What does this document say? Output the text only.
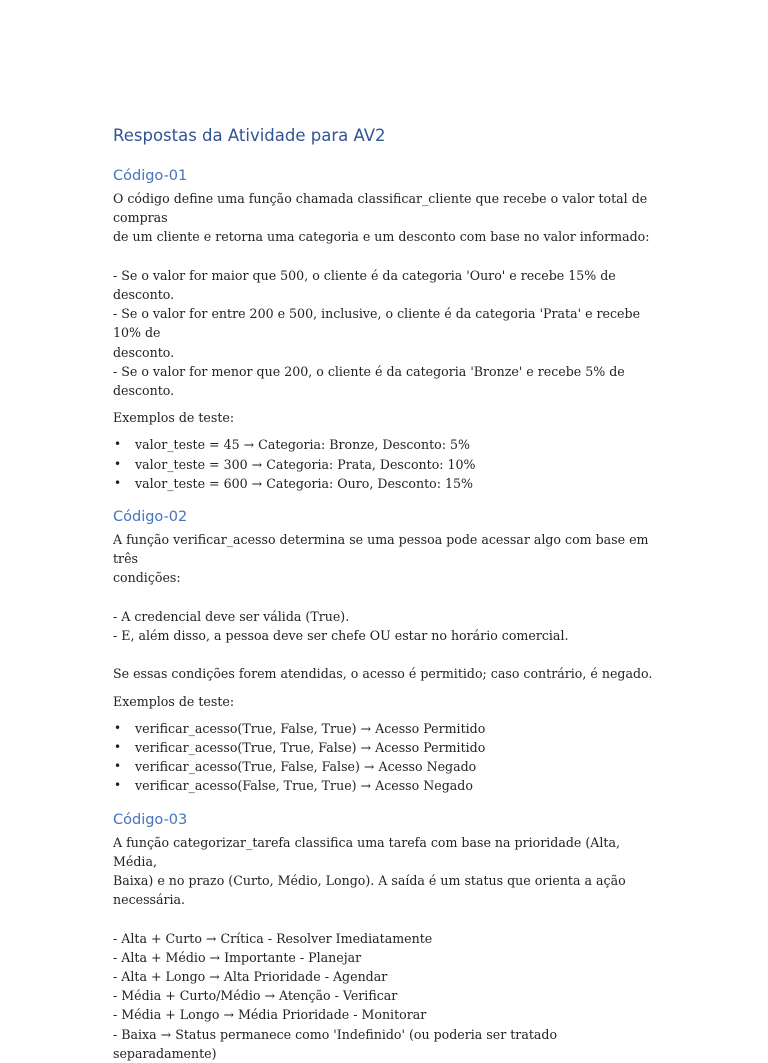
Respostas da Atividade para AV2
Código-01

O código define uma função chamada classificar_cliente que recebe o valor total de compras

de um cliente e retorna uma categoria e um desconto com base no valor informado:

- Se o valor for maior que 500, o cliente é da categoria 'Ouro' e recebe 15% de desconto.

- Se o valor for entre 200 e 500, inclusive, o cliente é da categoria 'Prata' e recebe 10% de

desconto.

- Se o valor for menor que 200, o cliente é da categoria 'Bronze' e recebe 5% de desconto.

Exemplos de teste:

• valor_teste = 45 → Categoria: Bronze, Desconto: 5%
• valor_teste = 300 → Categoria: Prata, Desconto: 10%
• valor_teste = 600 → Categoria: Ouro, Desconto: 15%
Código-02

A função verificar_acesso determina se uma pessoa pode acessar algo com base em três

condições:

- A credencial deve ser válida (True).

- E, além disso, a pessoa deve ser chefe OU estar no horário comercial.

Se essas condições forem atendidas, o acesso é permitido; caso contrário, é negado.

Exemplos de teste:

• verificar_acesso(True, False, True) → Acesso Permitido
• verificar_acesso(True, True, False) → Acesso Permitido
• verificar_acesso(True, False, False) → Acesso Negado
• verificar_acesso(False, True, True) → Acesso Negado
Código-03

A função categorizar_tarefa classifica uma tarefa com base na prioridade (Alta, Média,

Baixa) e no prazo (Curto, Médio, Longo). A saída é um status que orienta a ação necessária.

- Alta + Curto → Crítica - Resolver Imediatamente

- Alta + Médio → Importante - Planejar

- Alta + Longo → Alta Prioridade - Agendar

- Média + Curto/Médio → Atenção - Verificar

- Média + Longo → Média Prioridade - Monitorar

- Baixa → Status permanece como 'Indefinido' (ou poderia ser tratado separadamente)
